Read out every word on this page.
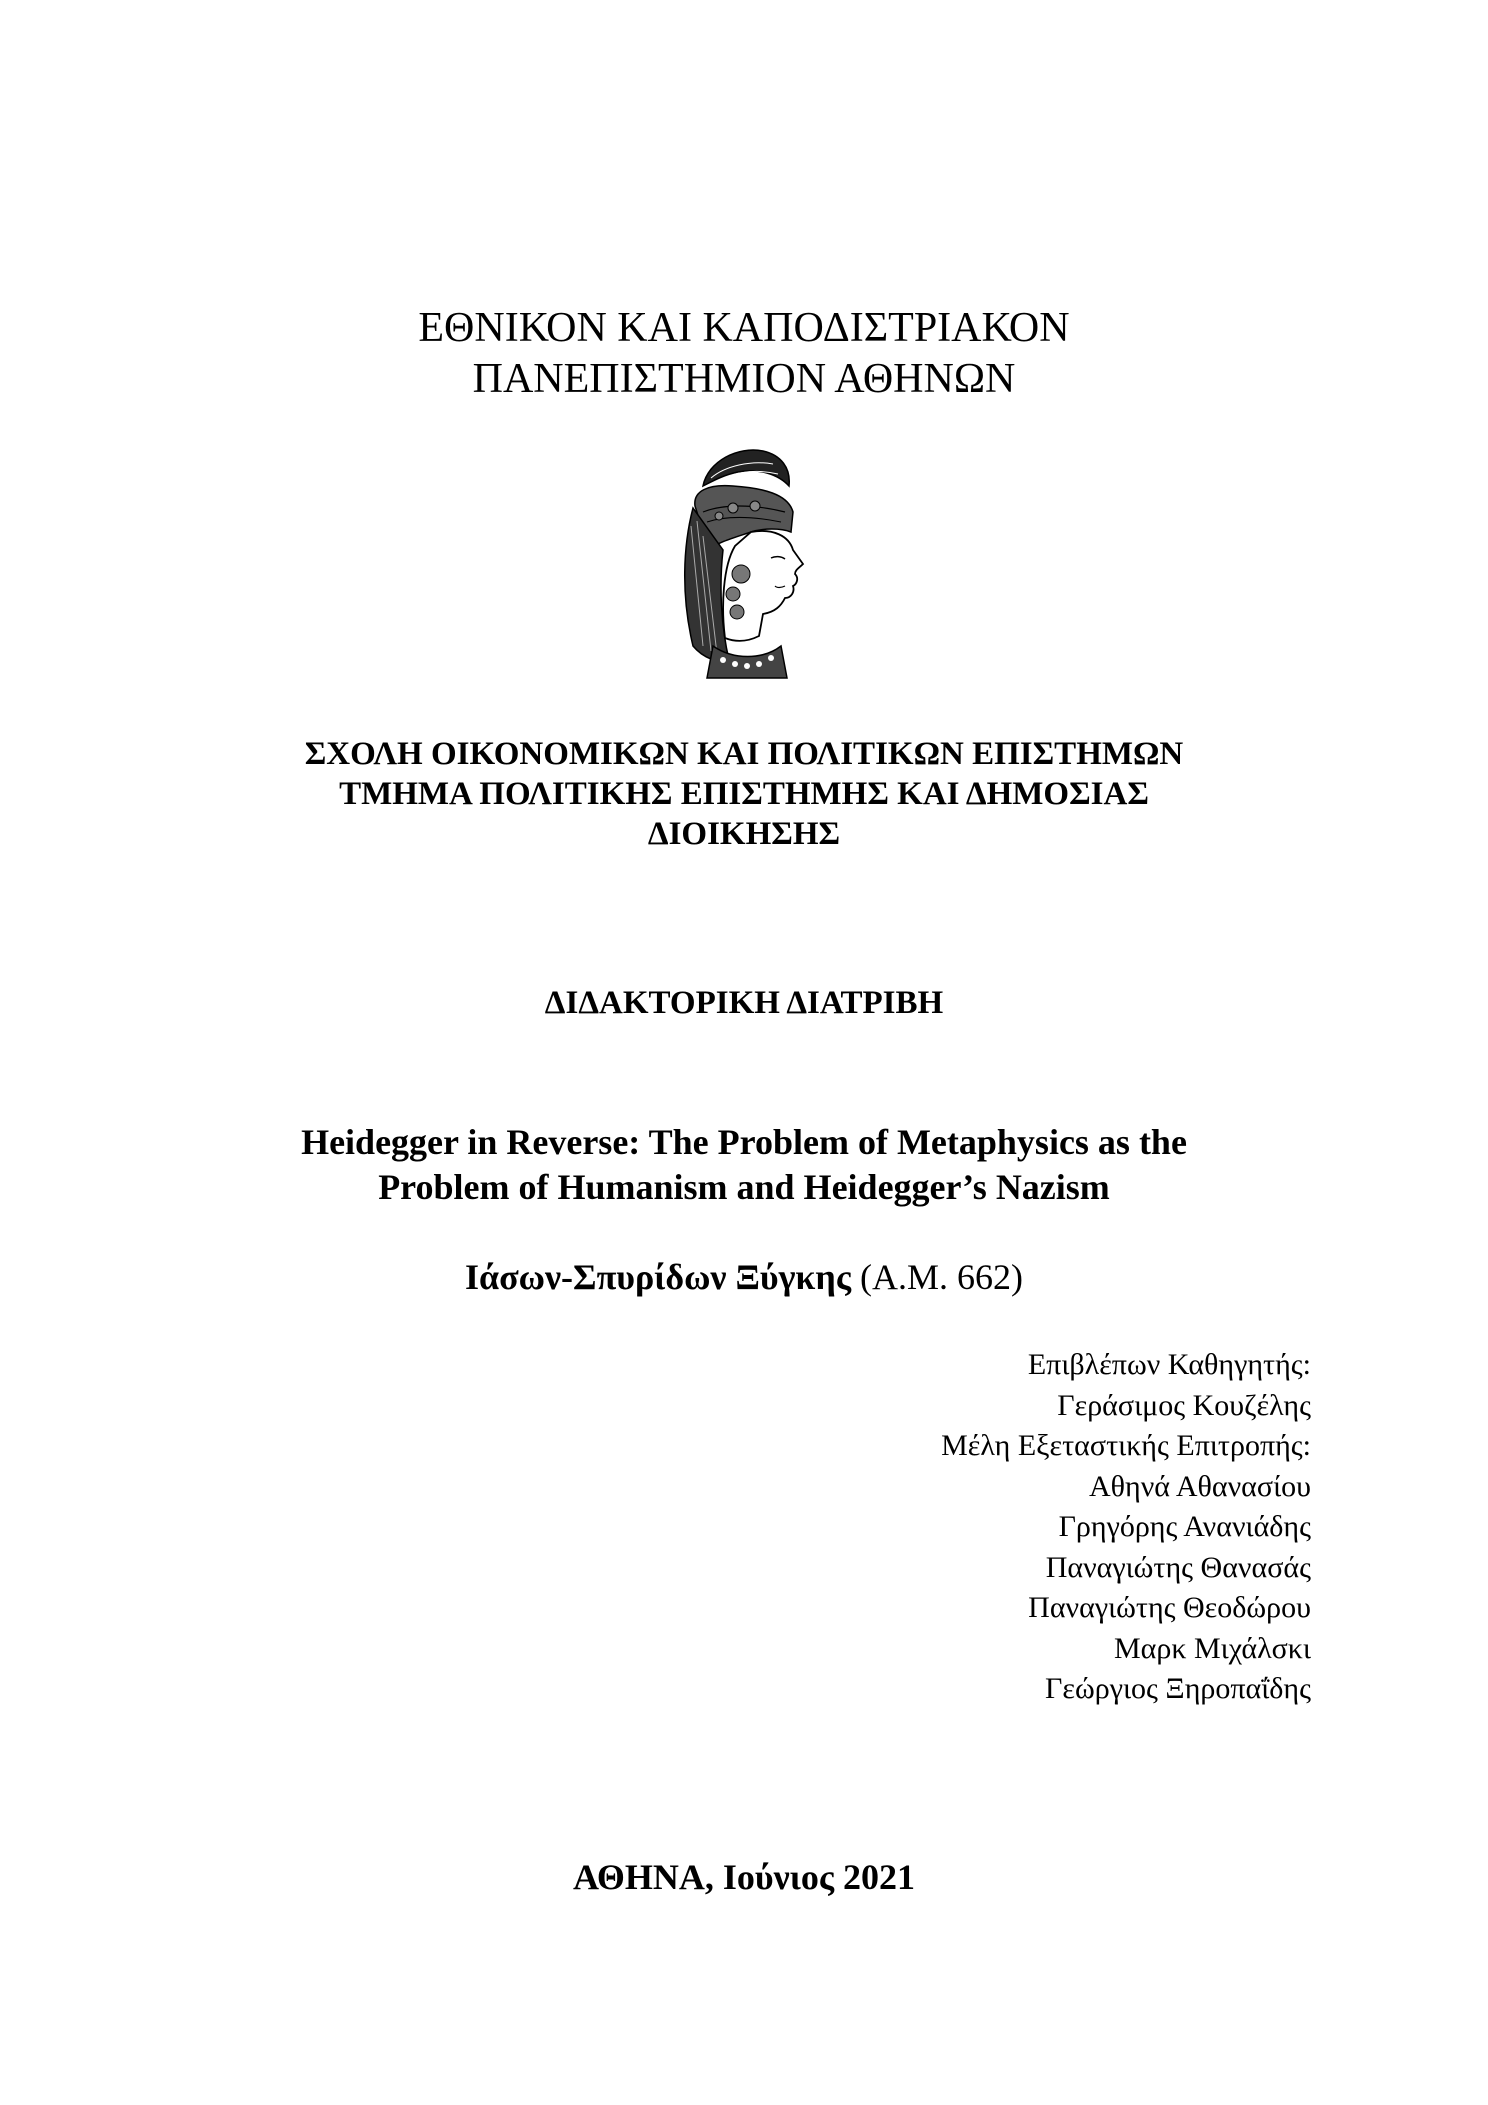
ΕΘΝΙΚΟΝ ΚΑΙ ΚΑΠΟΔΙΣΤΡΙΑΚΟΝ
ΠΑΝΕΠΙΣΤΗΜΙΟΝ ΑΘΗΝΩΝ
ΣΧΟΛΗ ΟΙΚΟΝΟΜΙΚΩΝ ΚΑΙ ΠΟΛΙΤΙΚΩΝ ΕΠΙΣΤΗΜΩΝ
ΤΜΗΜΑ ΠΟΛΙΤΙΚΗΣ ΕΠΙΣΤΗΜΗΣ ΚΑΙ ΔΗΜΟΣΙΑΣ
ΔΙΟΙΚΗΣΗΣ
ΔΙΔΑΚΤΟΡΙΚΗ ΔΙΑΤΡΙΒΗ
Heidegger in Reverse: The Problem of Metaphysics as the
Problem of Humanism and Heidegger’s Nazism
Ιάσων-Σπυρίδων Ξύγκης (Α.Μ. 662)
Επιβλέπων Καθηγητής:
Γεράσιμος Κουζέλης
Μέλη Εξεταστικής Επιτροπής:
Αθηνά Αθανασίου
Γρηγόρης Ανανιάδης
Παναγιώτης Θανασάς
Παναγιώτης Θεοδώρου
Μαρκ Μιχάλσκι
Γεώργιος Ξηροπαΐδης
ΑΘΗΝΑ, Ιούνιος 2021
